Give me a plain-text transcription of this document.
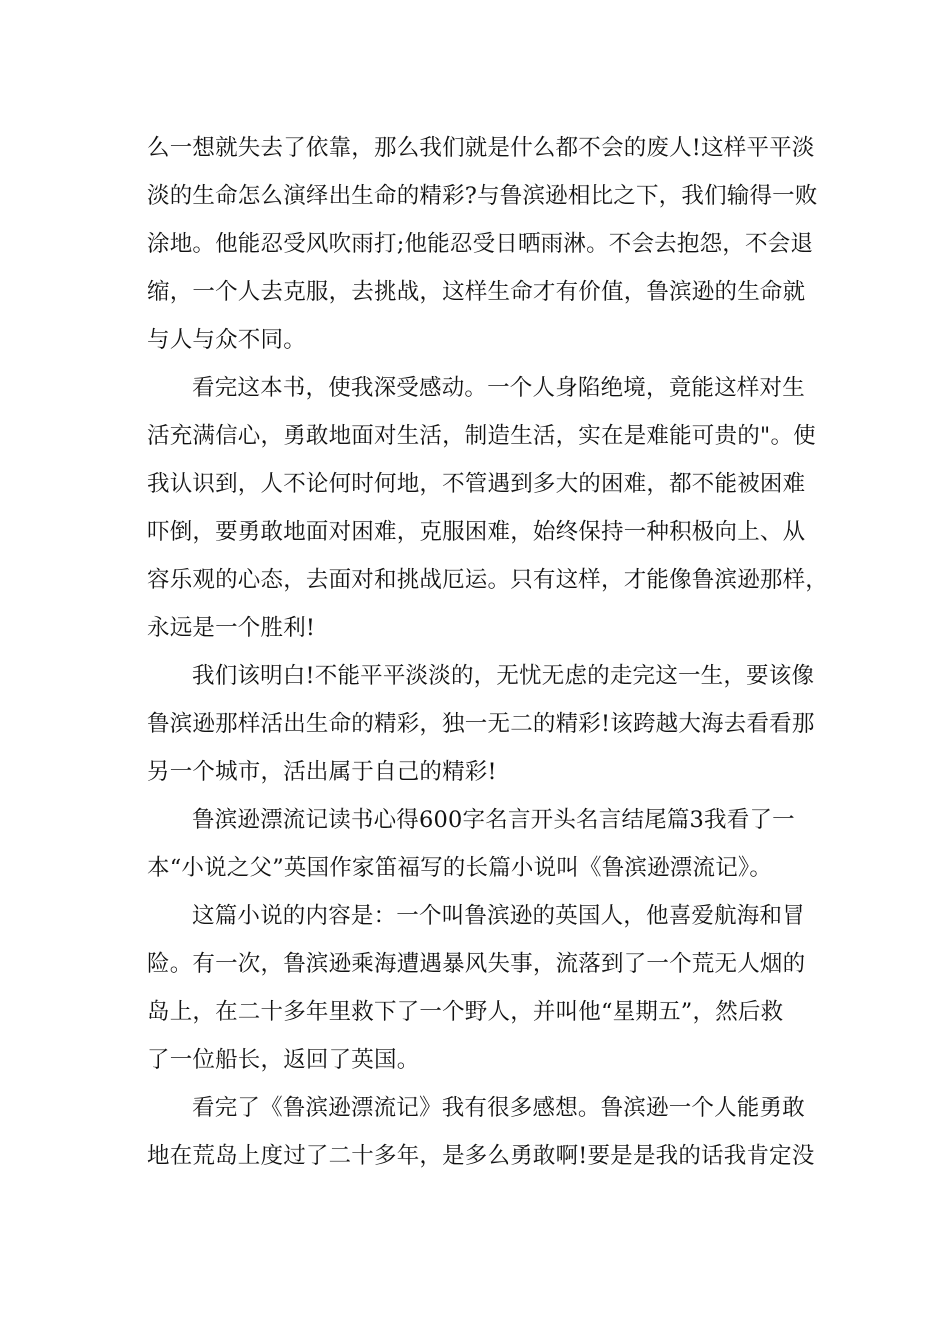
么一想就失去了依靠，那么我们就是什么都不会的废人!这样平平淡
淡的生命怎么演绎出生命的精彩?与鲁滨逊相比之下，我们输得一败
涂地。他能忍受风吹雨打;他能忍受日晒雨淋。不会去抱怨，不会退
缩，一个人去克服，去挑战，这样生命才有价值，鲁滨逊的生命就
与人与众不同。
看完这本书，使我深受感动。一个人身陷绝境，竟能这样对生
活充满信心，勇敢地面对生活，制造生活，实在是难能可贵的"。使
我认识到，人不论何时何地，不管遇到多大的困难，都不能被困难
吓倒，要勇敢地面对困难，克服困难，始终保持一种积极向上、从
容乐观的心态，去面对和挑战厄运。只有这样，才能像鲁滨逊那样，
永远是一个胜利!
我们该明白!不能平平淡淡的，无忧无虑的走完这一生，要该像
鲁滨逊那样活出生命的精彩，独一无二的精彩!该跨越大海去看看那
另一个城市，活出属于自己的精彩!
鲁滨逊漂流记读书心得600字名言开头名言结尾篇3我看了一
本“小说之父”英国作家笛福写的长篇小说叫《鲁滨逊漂流记》。
这篇小说的内容是：一个叫鲁滨逊的英国人，他喜爱航海和冒
险。有一次，鲁滨逊乘海遭遇暴风失事，流落到了一个荒无人烟的
岛上，在二十多年里救下了一个野人，并叫他“星期五”，然后救
了一位船长，返回了英国。
看完了《鲁滨逊漂流记》我有很多感想。鲁滨逊一个人能勇敢
地在荒岛上度过了二十多年，是多么勇敢啊!要是是我的话我肯定没
